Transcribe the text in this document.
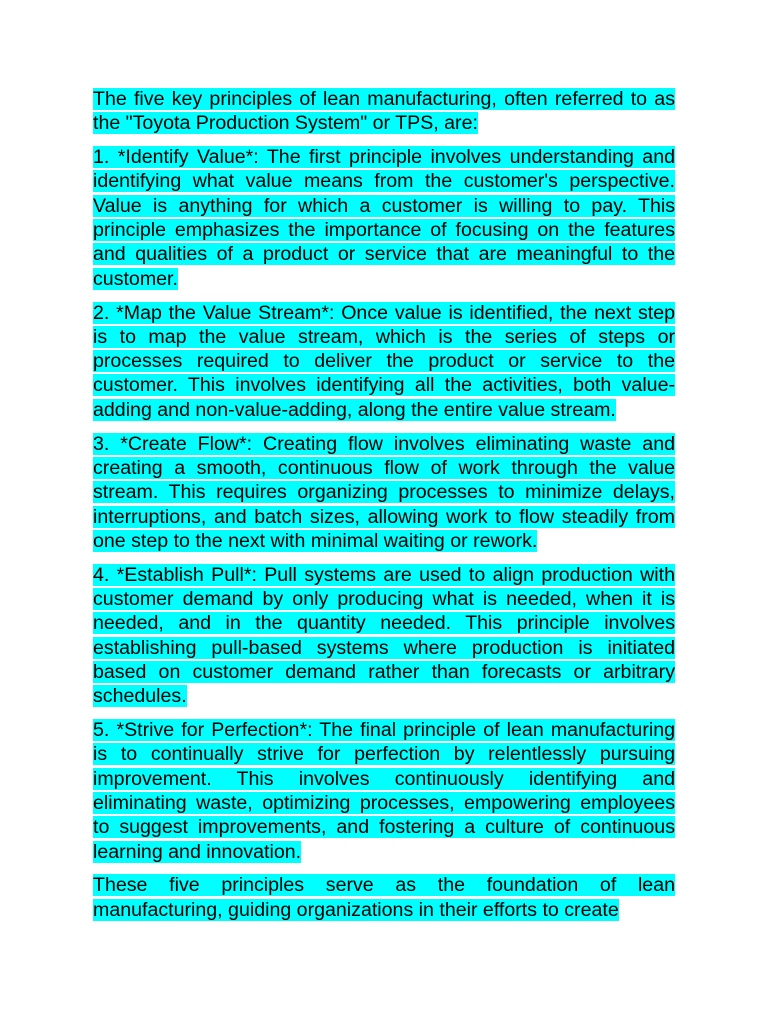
The five key principles of lean manufacturing, often referred to as the "Toyota Production System" or TPS, are:

1. *Identify Value*: The first principle involves understanding and identifying what value means from the customer's perspective. Value is anything for which a customer is willing to pay. This principle emphasizes the importance of focusing on the features and qualities of a product or service that are meaningful to the customer.

2. *Map the Value Stream*: Once value is identified, the next step is to map the value stream, which is the series of steps or processes required to deliver the product or service to the customer. This involves identifying all the activities, both value-adding and non-value-adding, along the entire value stream.

3. *Create Flow*: Creating flow involves eliminating waste and creating a smooth, continuous flow of work through the value stream. This requires organizing processes to minimize delays, interruptions, and batch sizes, allowing work to flow steadily from one step to the next with minimal waiting or rework.

4. *Establish Pull*: Pull systems are used to align production with customer demand by only producing what is needed, when it is needed, and in the quantity needed. This principle involves establishing pull-based systems where production is initiated based on customer demand rather than forecasts or arbitrary schedules.

5. *Strive for Perfection*: The final principle of lean manufacturing is to continually strive for perfection by relentlessly pursuing improvement. This involves continuously identifying and eliminating waste, optimizing processes, empowering employees to suggest improvements, and fostering a culture of continuous learning and innovation.

These five principles serve as the foundation of lean manufacturing, guiding organizations in their efforts to create
